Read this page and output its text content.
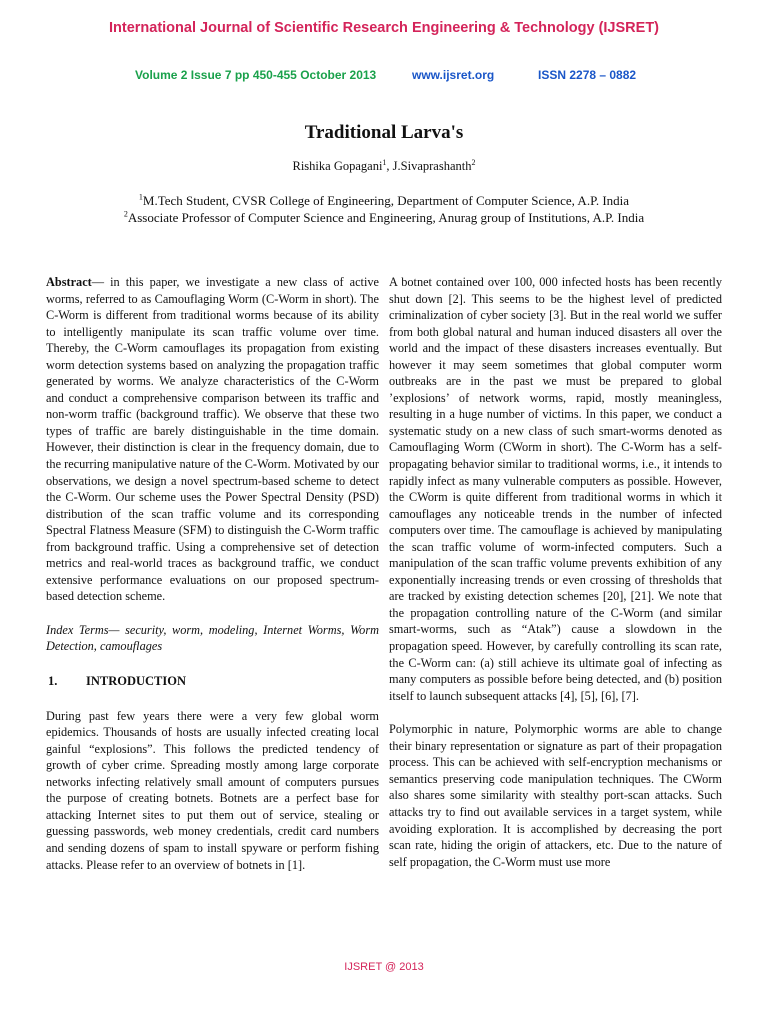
International Journal of Scientific Research Engineering & Technology (IJSRET)
Volume 2 Issue 7 pp 450-455 October 2013	www.ijsret.org	ISSN 2278 – 0882
Traditional Larva's
Rishika Gopagani$^1$, J.Sivaprashanth$^2$
$^1$M.Tech Student, CVSR College of Engineering, Department of Computer Science, A.P. India
$^2$Associate Professor of Computer Science and Engineering, Anurag group of Institutions, A.P. India

Abstract— in this paper, we investigate a new class of active worms, referred to as Camouflaging Worm (C-Worm in short). The C-Worm is different from traditional worms because of its ability to intelligently manipulate its scan traffic volume over time. Thereby, the C-Worm camouflages its propagation from existing worm detection systems based on analyzing the propagation traffic generated by worms. We analyze characteristics of the C-Worm and conduct a comprehensive comparison between its traffic and non-worm traffic (background traffic). We observe that these two types of traffic are barely distinguishable in the time domain. However, their distinction is clear in the frequency domain, due to the recurring manipulative nature of the C-Worm. Motivated by our observations, we design a novel spectrum-based scheme to detect the C-Worm. Our scheme uses the Power Spectral Density (PSD) distribution of the scan traffic volume and its corresponding Spectral Flatness Measure (SFM) to distinguish the C-Worm traffic from background traffic. Using a comprehensive set of detection metrics and real-world traces as background traffic, we conduct extensive performance evaluations on our proposed spectrum-based detection scheme.

Index Terms— security, worm, modeling, Internet Worms, Worm Detection, camouflages

1. INTRODUCTION

During past few years there were a very few global worm epidemics. Thousands of hosts are usually infected creating local gainful “explosions”. This follows the predicted tendency of growth of cyber crime. Spreading mostly among large corporate networks infecting relatively small amount of computers pursues the purpose of creating botnets. Botnets are a perfect base for attacking Internet sites to put them out of service, stealing or guessing passwords, web money credentials, credit card numbers and sending dozens of spam to install spyware or perform fishing attacks. Please refer to an overview of botnets in [1].

A botnet contained over 100, 000 infected hosts has been recently shut down [2]. This seems to be the highest level of predicted criminalization of cyber society [3]. But in the real world we suffer from both global natural and human induced disasters all over the world and the impact of these disasters increases eventually. But however it may seem sometimes that global computer worm outbreaks are in the past we must be prepared to global ’explosions’ of network worms, rapid, mostly meaningless, resulting in a huge number of victims. In this paper, we conduct a systematic study on a new class of such smart-worms denoted as Camouflaging Worm (CWorm in short). The C-Worm has a self-propagating behavior similar to traditional worms, i.e., it intends to rapidly infect as many vulnerable computers as possible. However, the CWorm is quite different from traditional worms in which it camouflages any noticeable trends in the number of infected computers over time. The camouflage is achieved by manipulating the scan traffic volume of worm-infected computers. Such a manipulation of the scan traffic volume prevents exhibition of any exponentially increasing trends or even crossing of thresholds that are tracked by existing detection schemes [20], [21]. We note that the propagation controlling nature of the C-Worm (and similar smart-worms, such as “Atak”) cause a slowdown in the propagation speed. However, by carefully controlling its scan rate, the C-Worm can: (a) still achieve its ultimate goal of infecting as many computers as possible before being detected, and (b) position itself to launch subsequent attacks [4], [5], [6], [7].

Polymorphic in nature, Polymorphic worms are able to change their binary representation or signature as part of their propagation process. This can be achieved with self-encryption mechanisms or semantics preserving code manipulation techniques. The CWorm also shares some similarity with stealthy port-scan attacks. Such attacks try to find out available services in a target system, while avoiding exploration. It is accomplished by decreasing the port scan rate, hiding the origin of attackers, etc. Due to the nature of self propagation, the C-Worm must use more

IJSRET @ 2013
